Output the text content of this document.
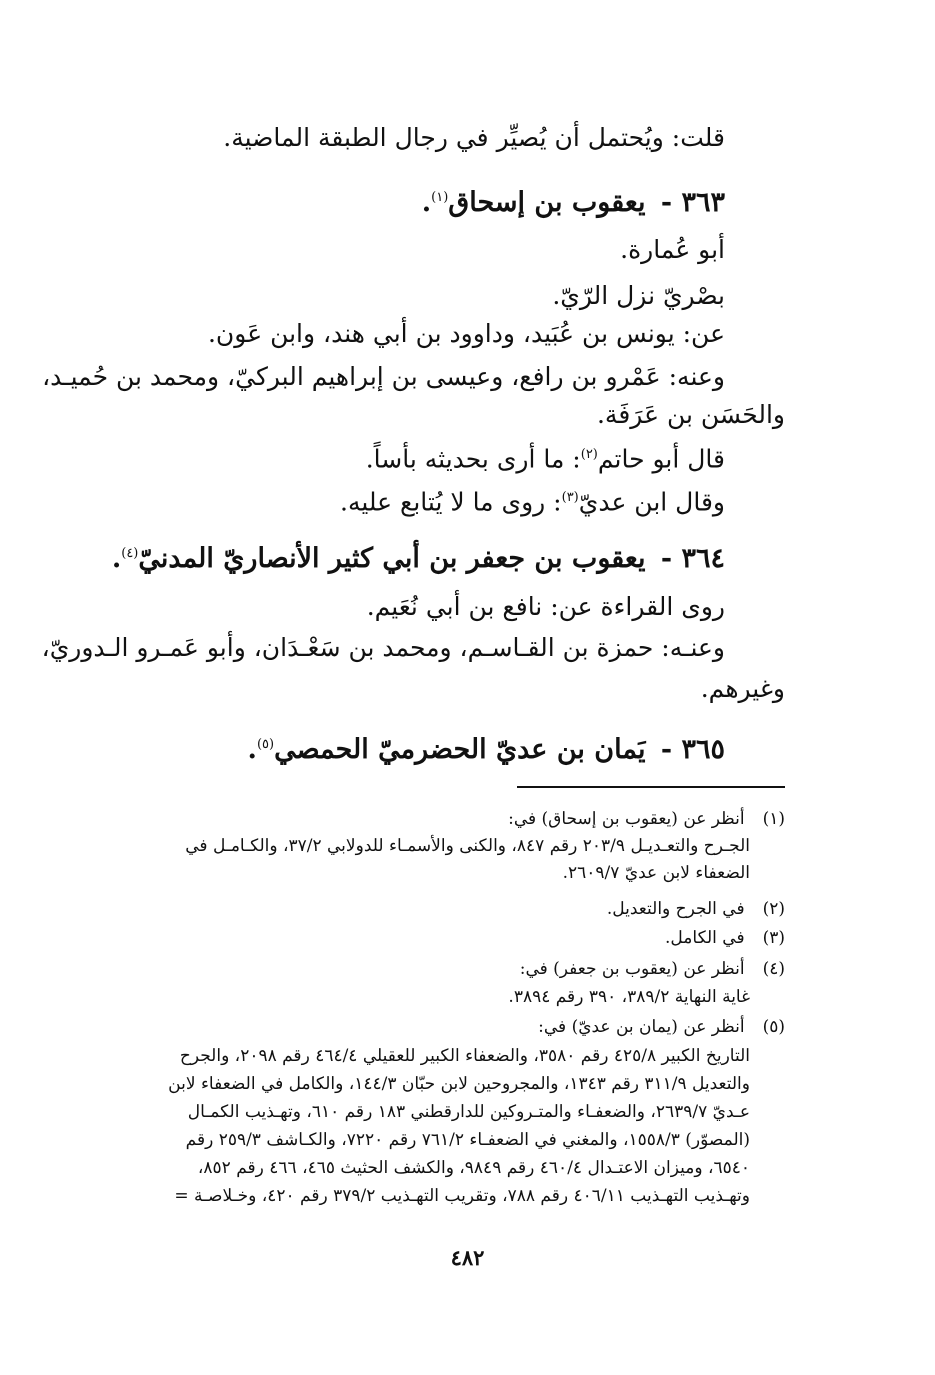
قلت: ويُحتمل أن يُصيِّر في رجال الطبقة الماضية.
٣٦٣ - يعقوب بن إسحاق$^{(١)}$.
أبو عُمارة.
بصْريّ نزل الرّيّ.
عن: يونس بن عُبَيد، وداوود بن أبي هند، وابن عَون.
وعنه: عَمْرو بن رافع، وعيسى بن إبراهيم البركيّ، ومحمد بن حُميـد،
والحَسَن بن عَرَفَة.
قال أبو حاتم$^{(٢)}$: ما أرى بحديثه بأساً.
وقال ابن عديّ$^{(٣)}$: روى ما لا يُتابع عليه.
٣٦٤ - يعقوب بن جعفر بن أبي كثير الأنصاريّ المدنيّ$^{(٤)}$.
روى القراءة عن: نافع بن أبي نُعَيم.
وعنـه: حمزة بن القـاسـم، ومحمد بن سَعْـدَان، وأبو عَمـرو الـدوريّ،
وغيرهم.
٣٦٥ - يَمان بن عديّ الحضرميّ الحمصي$^{(٥)}$.
(١) أنظر عن (يعقوب بن إسحاق) في:
الجـرح والتعـديـل ٢٠٣/٩ رقم ٨٤٧، والكنى والأسمـاء للدولابي ٣٧/٢، والكـامـل في
الضعفاء لابن عديّ ٢٦٠٩/٧.
(٢) في الجرح والتعديل.
(٣) في الكامل.
(٤) أنظر عن (يعقوب بن جعفر) في:
غاية النهاية ٣٨٩/٢، ٣٩٠ رقم ٣٨٩٤.
(٥) أنظر عن (يمان بن عديّ) في:
التاريخ الكبير ٤٢٥/٨ رقم ٣٥٨٠، والضعفاء الكبير للعقيلي ٤٦٤/٤ رقم ٢٠٩٨، والجرح
والتعديل ٣١١/٩ رقم ١٣٤٣، والمجروحين لابن حبّان ١٤٤/٣، والكامل في الضعفاء لابن
عـديّ ٢٦٣٩/٧، والضعفـاء والمتـروكين للدارقطني ١٨٣ رقم ٦١٠، وتهـذيب الكمـال
(المصوّر) ١٥٥٨/٣، والمغني في الضعفـاء ٧٦١/٢ رقم ٧٢٢٠، والكـاشف ٢٥٩/٣ رقم
٦٥٤٠، وميزان الاعتـدال ٤٦٠/٤ رقم ٩٨٤٩، والكشف الحثيث ٤٦٥، ٤٦٦ رقم ٨٥٢،
وتهـذيب التهـذيب ٤٠٦/١١ رقم ٧٨٨، وتقريب التهـذيب ٣٧٩/٢ رقم ٤٢٠، وخـلاصـة =
٤٨٢
